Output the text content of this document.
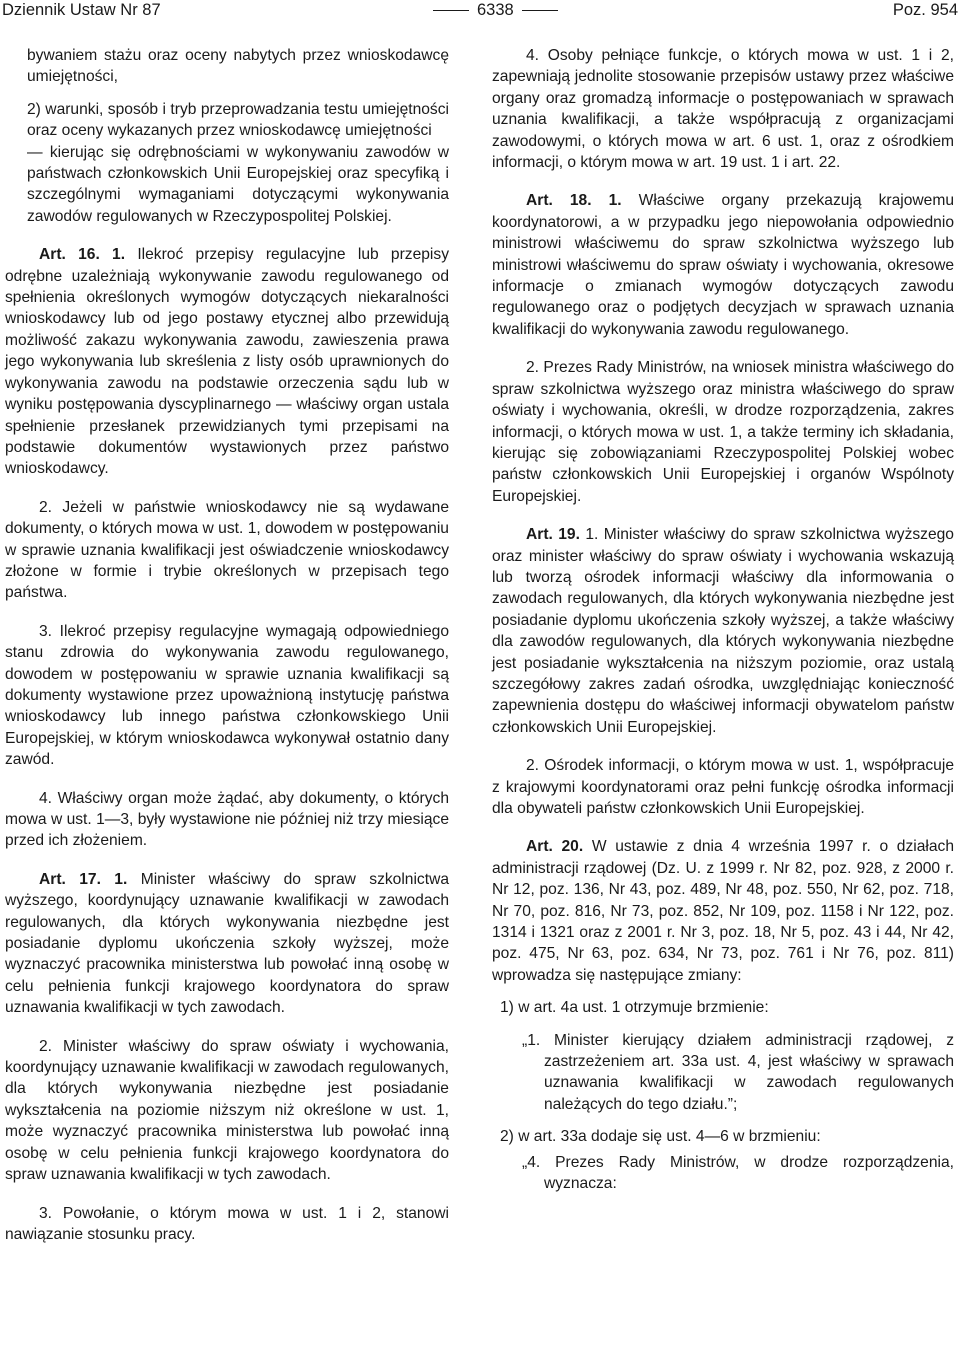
Dziennik Ustaw Nr 87	6338	Poz. 954

bywaniem stażu oraz oceny nabytych przez wnioskodawcę umiejętności,

2) warunki, sposób i tryb przeprowadzania testu umiejętności oraz oceny wykazanych przez wnioskodawcę umiejętności

— kierując się odrębnościami w wykonywaniu zawodów w państwach członkowskich Unii Europejskiej oraz specyfiką i szczególnymi wymaganiami dotyczącymi wykonywania zawodów regulowanych w Rzeczypospolitej Polskiej.

Art. 16. 1. Ilekroć przepisy regulacyjne lub przepisy odrębne uzależniają wykonywanie zawodu regulowanego od spełnienia określonych wymogów dotyczących niekaralności wnioskodawcy lub od jego postawy etycznej albo przewidują możliwość zakazu wykonywania zawodu, zawieszenia prawa jego wykonywania lub skreślenia z listy osób uprawnionych do wykonywania zawodu na podstawie orzeczenia sądu lub w wyniku postępowania dyscyplinarnego — właściwy organ ustala spełnienie przesłanek przewidzianych tymi przepisami na podstawie dokumentów wystawionych przez państwo wnioskodawcy.

2. Jeżeli w państwie wnioskodawcy nie są wydawane dokumenty, o których mowa w ust. 1, dowodem w postępowaniu w sprawie uznania kwalifikacji jest oświadczenie wnioskodawcy złożone w formie i trybie określonych w przepisach tego państwa.

3. Ilekroć przepisy regulacyjne wymagają odpowiedniego stanu zdrowia do wykonywania zawodu regulowanego, dowodem w postępowaniu w sprawie uznania kwalifikacji są dokumenty wystawione przez upoważnioną instytucję państwa wnioskodawcy lub innego państwa członkowskiego Unii Europejskiej, w którym wnioskodawca wykonywał ostatnio dany zawód.

4. Właściwy organ może żądać, aby dokumenty, o których mowa w ust. 1—3, były wystawione nie później niż trzy miesiące przed ich złożeniem.

Art. 17. 1. Minister właściwy do spraw szkolnictwa wyższego, koordynujący uznawanie kwalifikacji w zawodach regulowanych, dla których wykonywania niezbędne jest posiadanie dyplomu ukończenia szkoły wyższej, może wyznaczyć pracownika ministerstwa lub powołać inną osobę w celu pełnienia funkcji krajowego koordynatora do spraw uznawania kwalifikacji w tych zawodach.

2. Minister właściwy do spraw oświaty i wychowania, koordynujący uznawanie kwalifikacji w zawodach regulowanych, dla których wykonywania niezbędne jest posiadanie wykształcenia na poziomie niższym niż określone w ust. 1, może wyznaczyć pracownika ministerstwa lub powołać inną osobę w celu pełnienia funkcji krajowego koordynatora do spraw uznawania kwalifikacji w tych zawodach.

3. Powołanie, o którym mowa w ust. 1 i 2, stanowi nawiązanie stosunku pracy.

4. Osoby pełniące funkcje, o których mowa w ust. 1 i 2, zapewniają jednolite stosowanie przepisów ustawy przez właściwe organy oraz gromadzą informacje o postępowaniach w sprawach uznania kwalifikacji, a także współpracują z organizacjami zawodowymi, o których mowa w art. 6 ust. 1, oraz z ośrodkiem informacji, o którym mowa w art. 19 ust. 1 i art. 22.

Art. 18. 1. Właściwe organy przekazują krajowemu koordynatorowi, a w przypadku jego niepowołania odpowiednio ministrowi właściwemu do spraw szkolnictwa wyższego lub ministrowi właściwemu do spraw oświaty i wychowania, okresowe informacje o zmianach wymogów dotyczących zawodu regulowanego oraz o podjętych decyzjach w sprawach uznania kwalifikacji do wykonywania zawodu regulowanego.

2. Prezes Rady Ministrów, na wniosek ministra właściwego do spraw szkolnictwa wyższego oraz ministra właściwego do spraw oświaty i wychowania, określi, w drodze rozporządzenia, zakres informacji, o których mowa w ust. 1, a także terminy ich składania, kierując się zobowiązaniami Rzeczypospolitej Polskiej wobec państw członkowskich Unii Europejskiej i organów Wspólnoty Europejskiej.

Art. 19. 1. Minister właściwy do spraw szkolnictwa wyższego oraz minister właściwy do spraw oświaty i wychowania wskazują lub tworzą ośrodek informacji właściwy dla informowania o zawodach regulowanych, dla których wykonywania niezbędne jest posiadanie dyplomu ukończenia szkoły wyższej, a także właściwy dla zawodów regulowanych, dla których wykonywania niezbędne jest posiadanie wykształcenia na niższym poziomie, oraz ustalą szczegółowy zakres zadań ośrodka, uwzględniając konieczność zapewnienia dostępu do właściwej informacji obywatelom państw członkowskich Unii Europejskiej.

2. Ośrodek informacji, o którym mowa w ust. 1, współpracuje z krajowymi koordynatorami oraz pełni funkcję ośrodka informacji dla obywateli państw członkowskich Unii Europejskiej.

Art. 20. W ustawie z dnia 4 września 1997 r. o działach administracji rządowej (Dz. U. z 1999 r. Nr 82, poz. 928, z 2000 r. Nr 12, poz. 136, Nr 43, poz. 489, Nr 48, poz. 550, Nr 62, poz. 718, Nr 70, poz. 816, Nr 73, poz. 852, Nr 109, poz. 1158 i Nr 122, poz. 1314 i 1321 oraz z 2001 r. Nr 3, poz. 18, Nr 5, poz. 43 i 44, Nr 42, poz. 475, Nr 63, poz. 634, Nr 73, poz. 761 i Nr 76, poz. 811) wprowadza się następujące zmiany:

1) w art. 4a ust. 1 otrzymuje brzmienie:

„1. Minister kierujący działem administracji rządowej, z zastrzeżeniem art. 33a ust. 4, jest właściwy w sprawach uznawania kwalifikacji w zawodach regulowanych należących do tego działu.”;

2) w art. 33a dodaje się ust. 4—6 w brzmieniu:

„4. Prezes Rady Ministrów, w drodze rozporządzenia, wyznacza:
